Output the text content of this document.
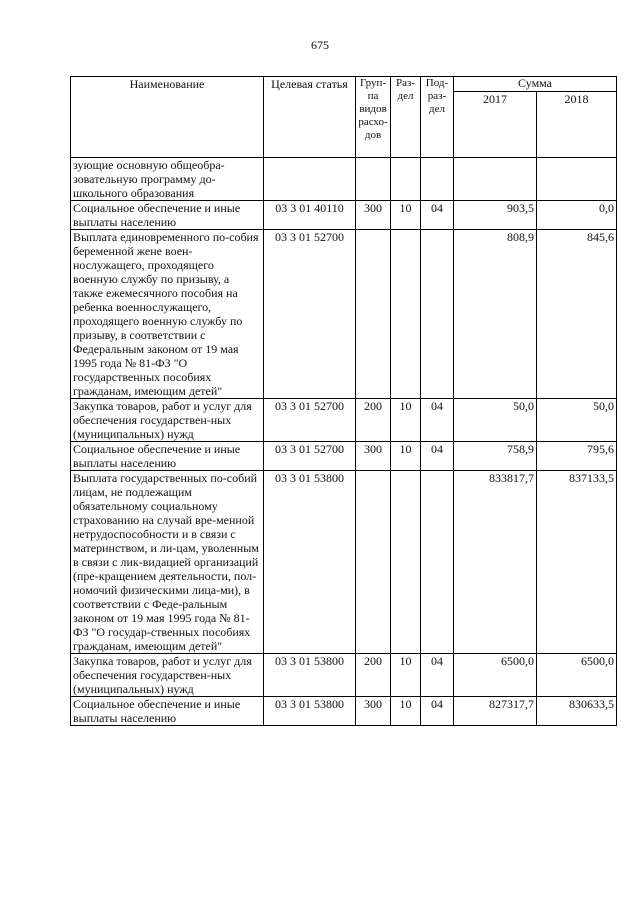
675
Наименование	Целевая статья	Груп-па видов расхо-дов	Раз-дел	Под-раз-дел	Сумма	
					2017	2018
зующие основную общеобра-зовательную программу до-школьного образования						
Социальное обеспечение и иные выплаты населению	03 3 01 40110	300	10	04	903,5	0,0
Выплата единовременного по-собия беременной жене воен-нослужащего, проходящего военную службу по призыву, а также ежемесячного пособия на ребенка военнослужащего, проходящего военную службу по призыву, в соответствии с Федеральным законом от 19 мая 1995 года № 81-ФЗ "О государственных пособиях гражданам, имеющим детей"	03 3 01 52700				808,9	845,6
Закупка товаров, работ и услуг для обеспечения государствен-ных (муниципальных) нужд	03 3 01 52700	200	10	04	50,0	50,0
Социальное обеспечение и иные выплаты населению	03 3 01 52700	300	10	04	758,9	795,6
Выплата государственных по-собий лицам, не подлежащим обязательному социальному страхованию на случай вре-менной нетрудоспособности и в связи с материнством, и ли-цам, уволенным в связи с лик-видацией организаций (пре-кращением деятельности, пол-номочий физическими лица-ми), в соответствии с Феде-ральным законом от 19 мая 1995 года № 81-ФЗ "О государ-ственных пособиях гражданам, имеющим детей"	03 3 01 53800				833817,7	837133,5
Закупка товаров, работ и услуг для обеспечения государствен-ных (муниципальных) нужд	03 3 01 53800	200	10	04	6500,0	6500,0
Социальное обеспечение и иные выплаты населению	03 3 01 53800	300	10	04	827317,7	830633,5
